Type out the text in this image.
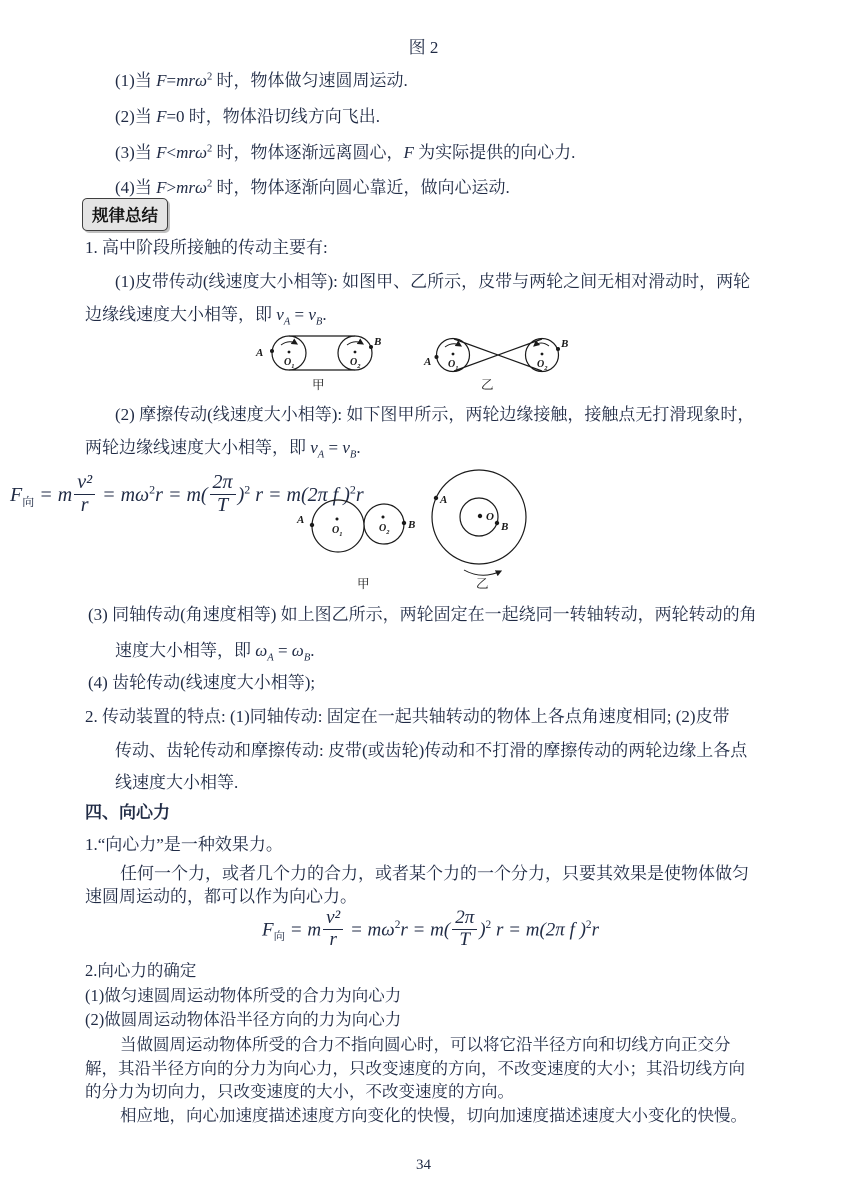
图 2
(1)当 F=mrω$^2$ 时，物体做匀速圆周运动.
(2)当 F=0 时，物体沿切线方向飞出.
(3)当 F<mrω$^2$ 时，物体逐渐远离圆心，F 为实际提供的向心力.
(4)当 F>mrω$^2$ 时，物体逐渐向圆心靠近，做向心运动.
规律总结
1. 高中阶段所接触的传动主要有:
(1)皮带传动(线速度大小相等): 如图甲、乙所示，皮带与两轮之间无相对滑动时，两轮
边缘线速度大小相等，即 $v_A = v_B$.
A
B
$O_1$	$O_2$
甲
A
B
$O_1$	$O_2$
乙
(2) 摩擦传动(线速度大小相等): 如下图甲所示，两轮边缘接触，接触点无打滑现象时，
两轮边缘线速度大小相等，即 $v_A = v_B$.
$F_向 = m \frac{\text{v²}}{r} = m\omega^2r = m( \frac{2\pi}{T} )^2$ r = m(2π f )$^2$r
A	B
$O_1$
$O_2$
甲
O
A
B
乙
(3) 同轴传动(角速度相等) 如上图乙所示，两轮固定在一起绕同一转轴转动，两轮转动的角
速度大小相等，即 $\omega_A = \omega_B$.
(4) 齿轮传动(线速度大小相等);
2. 传动装置的特点: (1)同轴传动: 固定在一起共轴转动的物体上各点角速度相同; (2)皮带
传动、齿轮传动和摩擦传动: 皮带(或齿轮)传动和不打滑的摩擦传动的两轮边缘上各点
线速度大小相等.
四、向心力
1.“向心力”是一种效果力。
任何一个力，或者几个力的合力，或者某个力的一个分力，只要其效果是使物体做匀
速圆周运动的，都可以作为向心力。
$F_向 = m \frac{\text{v²}}{r} = m\omega^2r = m( \frac{2\pi}{T} )^2$ r = m(2π f )$^2$r
2.向心力的确定
(1)做匀速圆周运动物体所受的合力为向心力
(2)做圆周运动物体沿半径方向的力为向心力
当做圆周运动物体所受的合力不指向圆心时，可以将它沿半径方向和切线方向正交分
解，其沿半径方向的分力为向心力，只改变速度的方向，不改变速度的大小；其沿切线方向
的分力为切向力，只改变速度的大小，不改变速度的方向。
相应地，向心加速度描述速度方向变化的快慢，切向加速度描述速度大小变化的快慢。
34
